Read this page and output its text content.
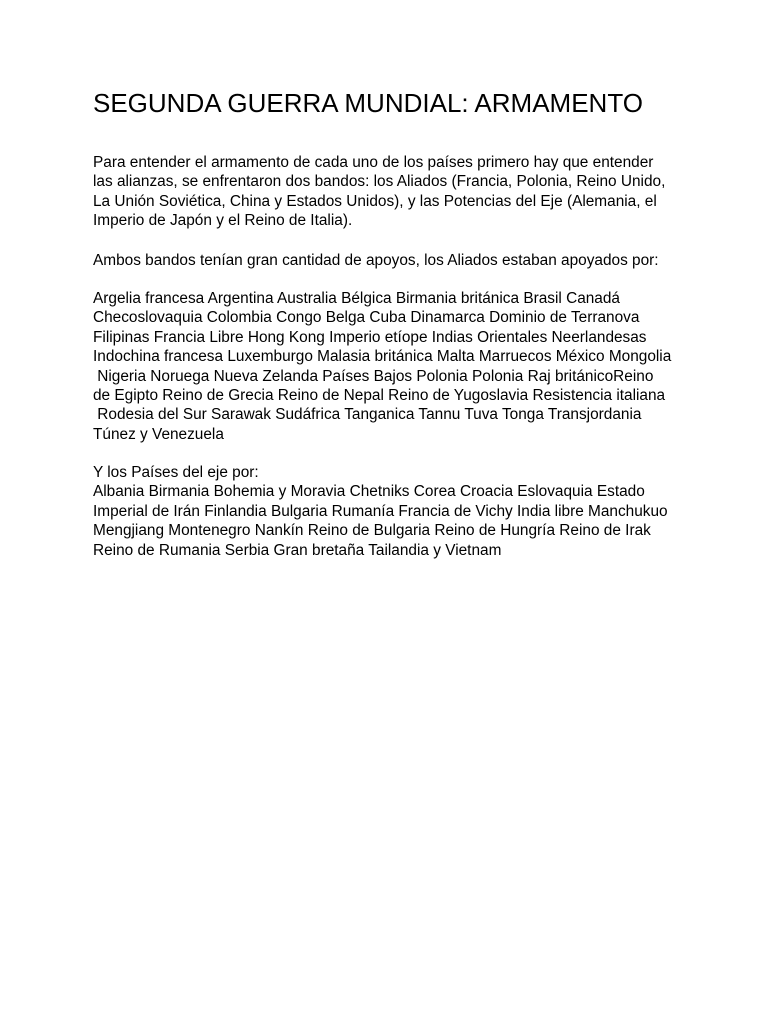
SEGUNDA GUERRA MUNDIAL: ARMAMENTO

Para entender el armamento de cada uno de los países primero hay que entender
las alianzas, se enfrentaron dos bandos: los Aliados (Francia, Polonia, Reino Unido,
La Unión Soviética, China y Estados Unidos), y las Potencias del Eje (Alemania, el
Imperio de Japón y el Reino de Italia).

Ambos bandos tenían gran cantidad de apoyos, los Aliados estaban apoyados por:

Argelia francesa Argentina Australia Bélgica Birmania británica Brasil Canadá
Checoslovaquia Colombia Congo Belga Cuba Dinamarca Dominio de Terranova
Filipinas Francia Libre Hong Kong Imperio etíope Indias Orientales Neerlandesas
Indochina francesa Luxemburgo Malasia británica Malta Marruecos México Mongolia
Nigeria Noruega Nueva Zelanda Países Bajos Polonia Polonia Raj británicoReino
de Egipto Reino de Grecia Reino de Nepal Reino de Yugoslavia Resistencia italiana
Rodesia del Sur Sarawak Sudáfrica Tanganica Tannu Tuva Tonga Transjordania
Túnez y Venezuela

Y los Países del eje por:
Albania Birmania Bohemia y Moravia Chetniks Corea Croacia Eslovaquia Estado
Imperial de Irán Finlandia Bulgaria Rumanía Francia de Vichy India libre Manchukuo
Mengjiang Montenegro Nankín Reino de Bulgaria Reino de Hungría Reino de Irak
Reino de Rumania Serbia Gran bretaña Tailandia y Vietnam
